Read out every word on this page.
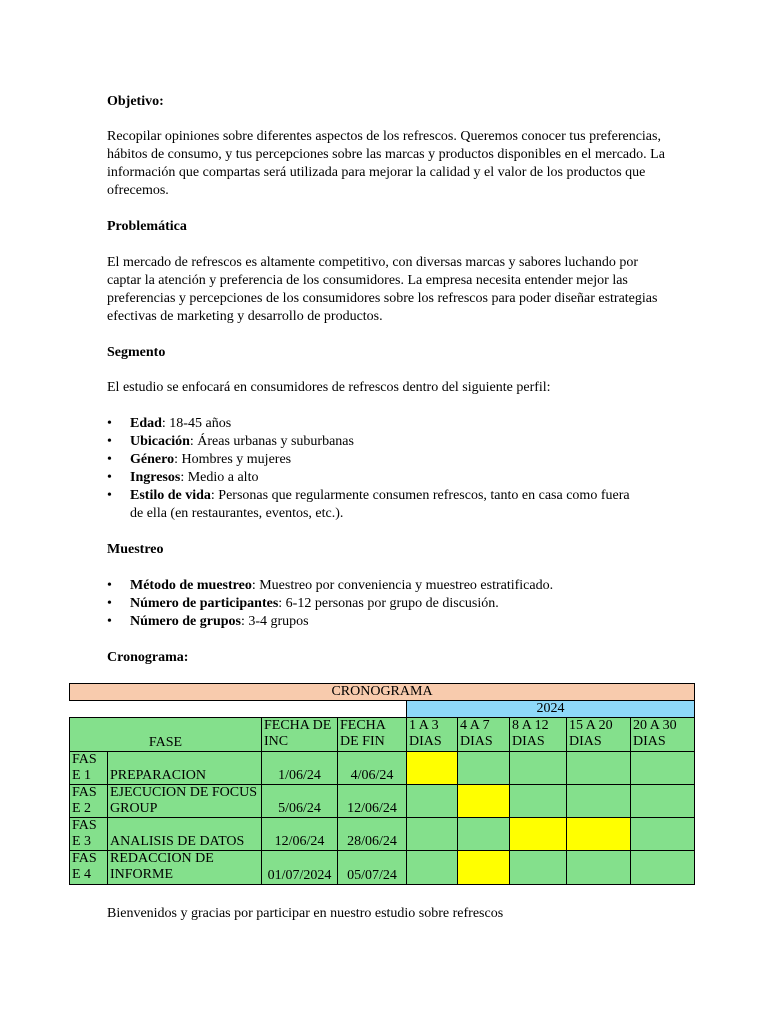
Objetivo:

Recopilar opiniones sobre diferentes aspectos de los refrescos. Queremos conocer tus preferencias, hábitos de consumo, y tus percepciones sobre las marcas y productos disponibles en el mercado. La información que compartas será utilizada para mejorar la calidad y el valor de los productos que ofrecemos.

Problemática

El mercado de refrescos es altamente competitivo, con diversas marcas y sabores luchando por captar la atención y preferencia de los consumidores. La empresa necesita entender mejor las preferencias y percepciones de los consumidores sobre los refrescos para poder diseñar estrategias efectivas de marketing y desarrollo de productos.

Segmento

El estudio se enfocará en consumidores de refrescos dentro del siguiente perfil:

• Edad: 18-45 años
• Ubicación: Áreas urbanas y suburbanas
• Género: Hombres y mujeres
• Ingresos: Medio a alto
• Estilo de vida: Personas que regularmente consumen refrescos, tanto en casa como fuera de ella (en restaurantes, eventos, etc.).
Muestreo
• Método de muestreo: Muestreo por conveniencia y muestreo estratificado.
• Número de participantes: 6-12 personas por grupo de discusión.
• Número de grupos: 3-4 grupos
Cronograma:
CRONOGRAMA								
				2024				
FASE		FECHA DE INC	FECHA DE FIN	1 A 3 DIAS	4 A 7 DIAS	8 A 12 DIAS	15 A 20 DIAS	20 A 30 DIAS
FAS E 1	PREPARACION	1/06/24	4/06/24					
FAS E 2	EJECUCION DE FOCUS GROUP	5/06/24	12/06/24					
FAS E 3	ANALISIS DE DATOS	12/06/24	28/06/24					
FAS E 4	REDACCION DE INFORME	01/07/2024	05/07/24					

Bienvenidos y gracias por participar en nuestro estudio sobre refrescos
